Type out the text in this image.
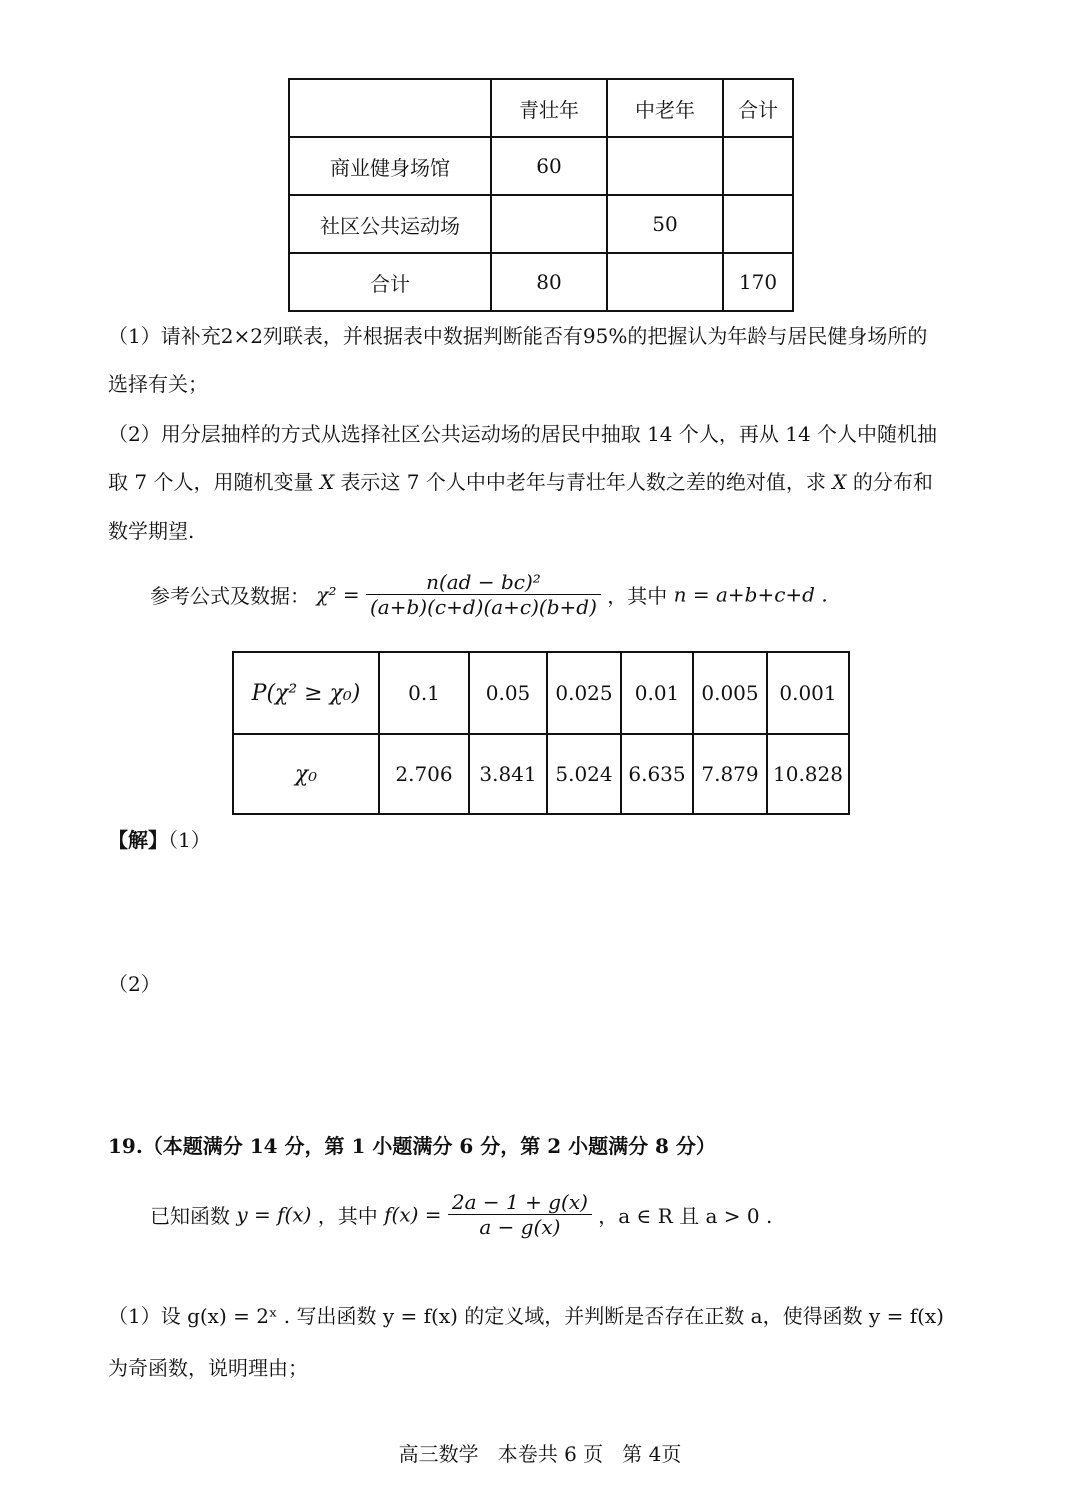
	青壮年	中老年	合计
商业健身场馆	60		
社区公共运动场		50	
合计	80		170
（1）请补充2×2列联表，并根据表中数据判断能否有95%的把握认为年龄与居民健身场所的
选择有关；
（2）用分层抽样的方式从选择社区公共运动场的居民中抽取 14 个人，再从 14 个人中随机抽
取 7 个人，用随机变量 X 表示这 7 个人中中老年与青壮年人数之差的绝对值，求 X 的分布和
数学期望.
参考公式及数据： $\chi^2 = \frac{\text{n(ad − bc)²}}{(a+b)(c+d)(a+c)(b+d)}$ ，其中 n = a+b+c+d .
P(χ² ≥ χ₀)	0.1	0.05	0.025	0.01	0.005	0.001
χ₀	2.706	3.841	5.024	6.635	7.879	10.828
【解】（1）
（2）
19.（本题满分 14 分，第 1 小题满分 6 分，第 2 小题满分 8 分）
已知函数 y = f(x) ，其中 $f(x) = \frac{2a - 1 + g(x)}{a - g(x)}$ ，a ∈ R 且 a > 0 .
（1）设 g(x) = 2ˣ . 写出函数 y = f(x) 的定义域，并判断是否存在正数 a，使得函数 y = f(x)
为奇函数，说明理由；
高三数学   本卷共 6 页   第 4页
